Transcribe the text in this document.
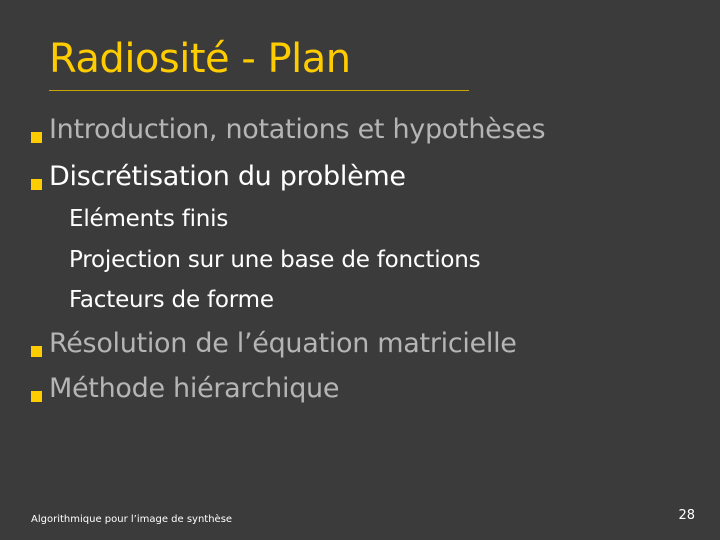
Radiosité - Plan
Introduction, notations et hypothèses
Discrétisation du problème
Eléments finis
Projection sur une base de fonctions
Facteurs de forme
Résolution de l’équation matricielle
Méthode hiérarchique
Algorithmique pour l’image de synthèse	28
